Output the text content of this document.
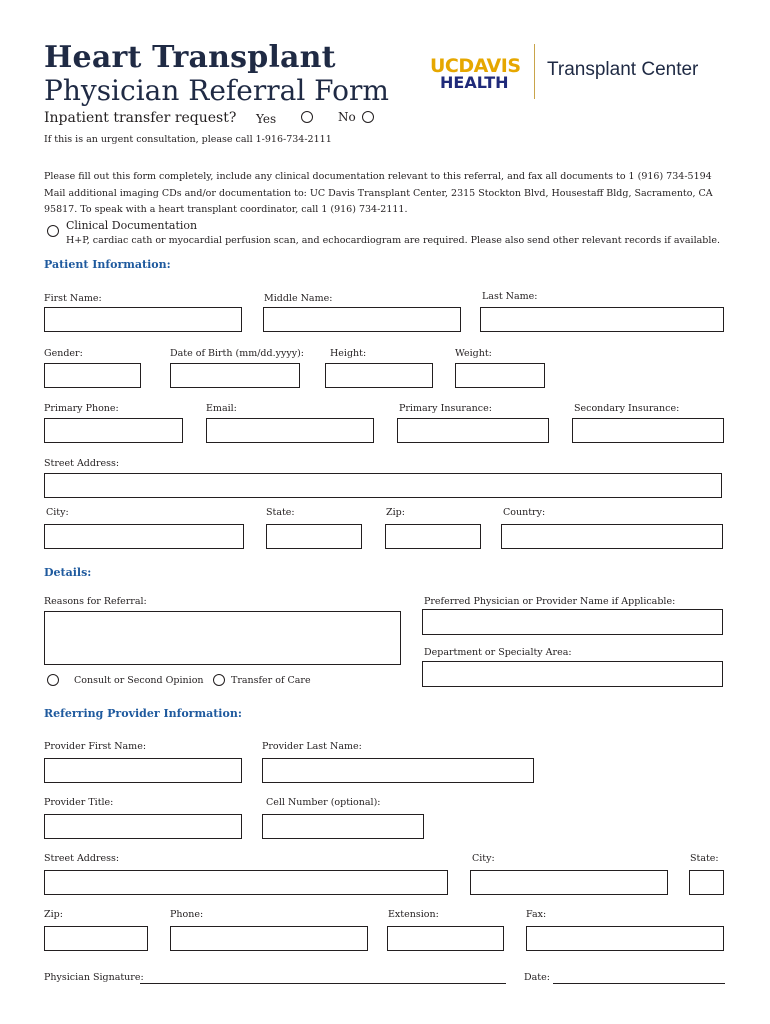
Heart Transplant
Physician Referral Form
UCDAVIS
HEALTH
Transplant Center
Inpatient transfer request? Yes	No
If this is an urgent consultation, please call 1-916-734-2111
Please fill out this form completely, include any clinical documentation relevant to this referral, and fax all documents to 1 (916) 734-5194
Mail additional imaging CDs and/or documentation to: UC Davis Transplant Center, 2315 Stockton Blvd, Housestaff Bldg, Sacramento, CA
95817. To speak with a heart transplant coordinator, call 1 (916) 734-2111.
Clinical Documentation
H+P, cardiac cath or myocardial perfusion scan, and echocardiogram are required. Please also send other relevant records if available.
Patient Information:
First Name:	Middle Name:	Last Name:
Gender:	Date of Birth (mm/dd.yyyy):	Height:	Weight:
Primary Phone:	Email:	Primary Insurance:	Secondary Insurance:
Street Address:
City:	State:	Zip:	Country:
Details:
Reasons for Referral:	Preferred Physician or Provider Name if Applicable:
Department or Specialty Area:
Consult or Second Opinion	Transfer of Care
Referring Provider Information:
Provider First Name:	Provider Last Name:
Provider Title:	Cell Number (optional):
Street Address:	City:	State:
Zip:	Phone:	Extension:	Fax:
Physician Signature:	Date:
